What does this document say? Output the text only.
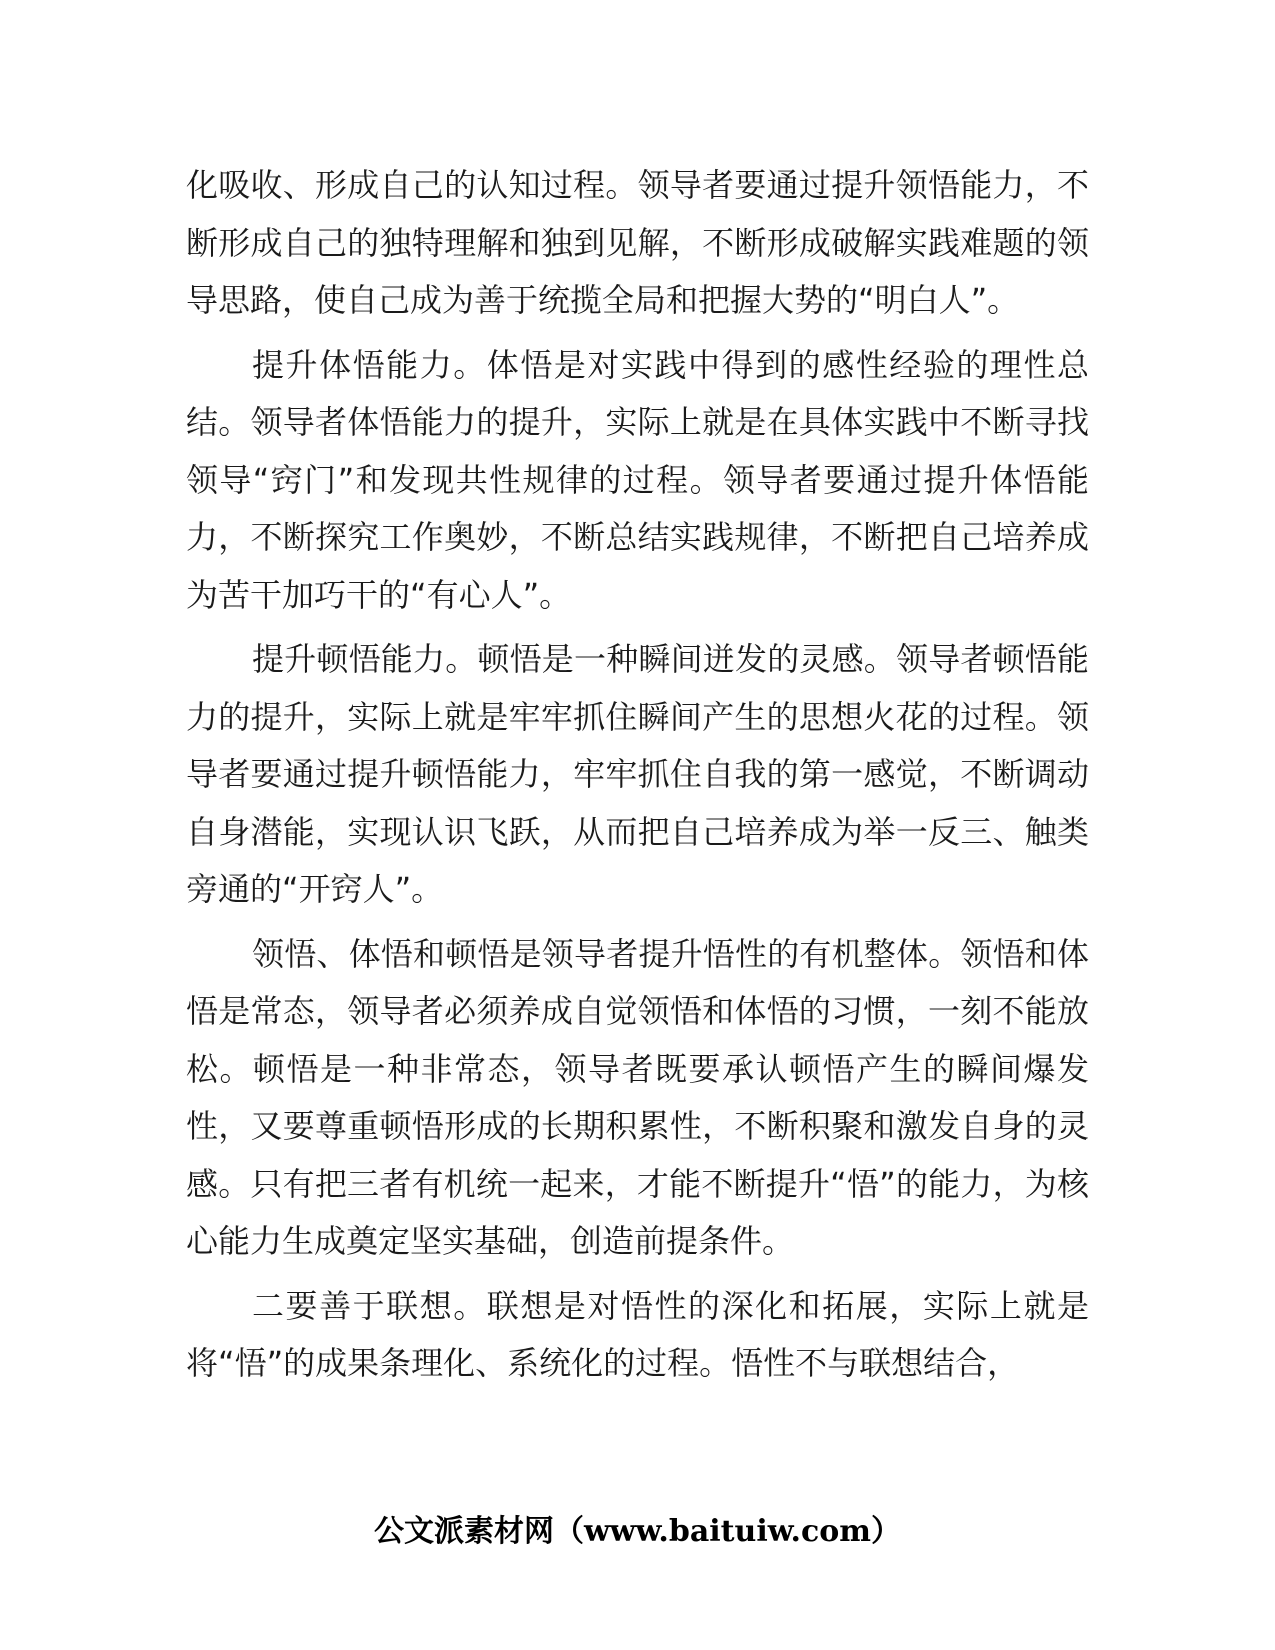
化吸收、形成自己的认知过程。领导者要通过提升领悟能力，不断形成自己的独特理解和独到见解，不断形成破解实践难题的领导思路，使自己成为善于统揽全局和把握大势的“明白人”。

提升体悟能力。体悟是对实践中得到的感性经验的理性总结。领导者体悟能力的提升，实际上就是在具体实践中不断寻找领导“窍门”和发现共性规律的过程。领导者要通过提升体悟能力，不断探究工作奥妙，不断总结实践规律，不断把自己培养成为苦干加巧干的“有心人”。

提升顿悟能力。顿悟是一种瞬间迸发的灵感。领导者顿悟能力的提升，实际上就是牢牢抓住瞬间产生的思想火花的过程。领导者要通过提升顿悟能力，牢牢抓住自我的第一感觉，不断调动自身潜能，实现认识飞跃，从而把自己培养成为举一反三、触类旁通的“开窍人”。

领悟、体悟和顿悟是领导者提升悟性的有机整体。领悟和体悟是常态，领导者必须养成自觉领悟和体悟的习惯，一刻不能放松。顿悟是一种非常态，领导者既要承认顿悟产生的瞬间爆发性，又要尊重顿悟形成的长期积累性，不断积聚和激发自身的灵感。只有把三者有机统一起来，才能不断提升“悟”的能力，为核心能力生成奠定坚实基础，创造前提条件。

二要善于联想。联想是对悟性的深化和拓展，实际上就是将“悟”的成果条理化、系统化的过程。悟性不与联想结合，

公文派素材网（www.baituiw.com）
